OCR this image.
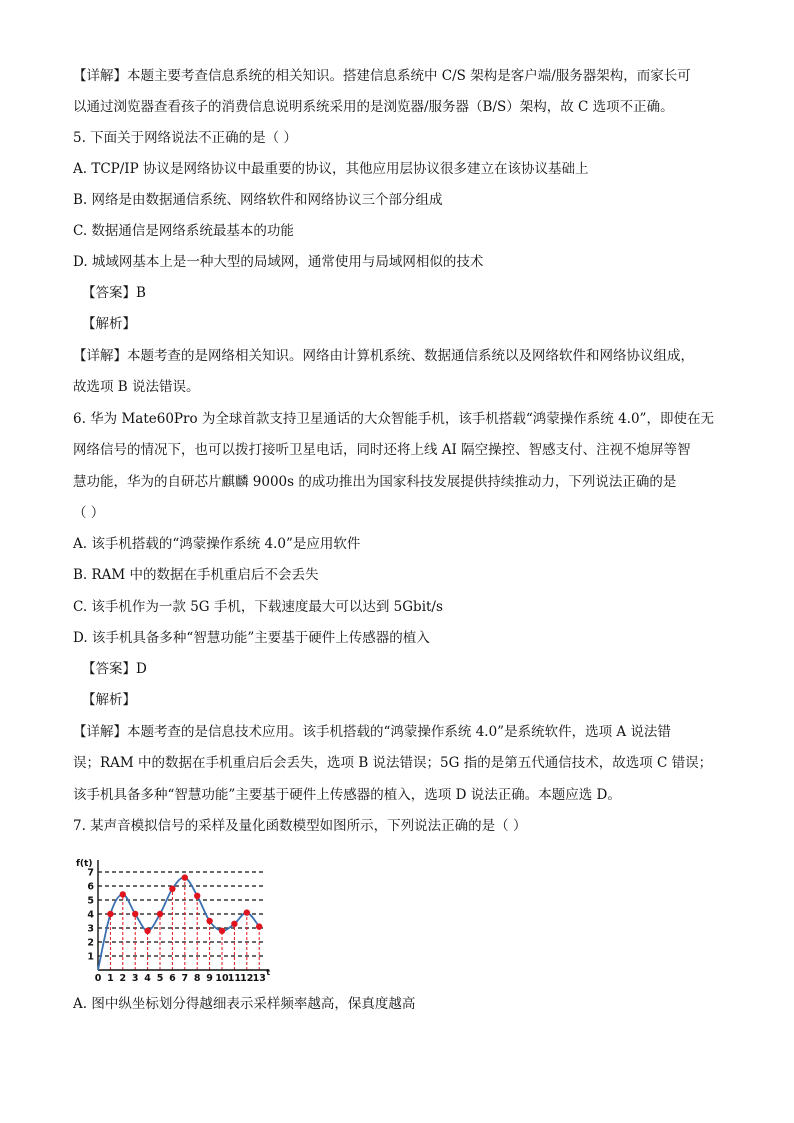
【详解】本题主要考查信息系统的相关知识。搭建信息系统中 C/S 架构是客户端/服务器架构，而家长可
以通过浏览器查看孩子的消费信息说明系统采用的是浏览器/服务器（B/S）架构，故 C 选项不正确。
5. 下面关于网络说法不正确的是（ ）
A. TCP/IP 协议是网络协议中最重要的协议，其他应用层协议很多建立在该协议基础上
B. 网络是由数据通信系统、网络软件和网络协议三个部分组成
C. 数据通信是网络系统最基本的功能
D. 城域网基本上是一种大型的局域网，通常使用与局域网相似的技术
【答案】B
【解析】
【详解】本题考查的是网络相关知识。网络由计算机系统、数据通信系统以及网络软件和网络协议组成，
故选项 B 说法错误。
6. 华为 Mate60Pro 为全球首款支持卫星通话的大众智能手机，该手机搭载“鸿蒙操作系统 4.0”，即使在无
网络信号的情况下，也可以拨打接听卫星电话，同时还将上线 AI 隔空操控、智感支付、注视不熄屏等智
慧功能，华为的自研芯片麒麟 9000s 的成功推出为国家科技发展提供持续推动力，下列说法正确的是
（ ）
A. 该手机搭载的“鸿蒙操作系统 4.0”是应用软件
B. RAM 中的数据在手机重启后不会丢失
C. 该手机作为一款 5G 手机，下载速度最大可以达到 5Gbit/s
D. 该手机具备多种“智慧功能”主要基于硬件上传感器的植入
【答案】D
【解析】
【详解】本题考查的是信息技术应用。该手机搭载的“鸿蒙操作系统 4.0”是系统软件，选项 A 说法错
误；RAM 中的数据在手机重启后会丢失，选项 B 说法错误；5G 指的是第五代通信技术，故选项 C 错误；
该手机具备多种“智慧功能”主要基于硬件上传感器的植入，选项 D 说法正确。本题应选 D。
7. 某声音模拟信号的采样及量化函数模型如图所示，下列说法正确的是（ ）
1
2
3
4
5
6
7
0 1 2 3 4 5 6 7 8 9 10 11 12 13
f(t)
t
A. 图中纵坐标划分得越细表示采样频率越高，保真度越高
